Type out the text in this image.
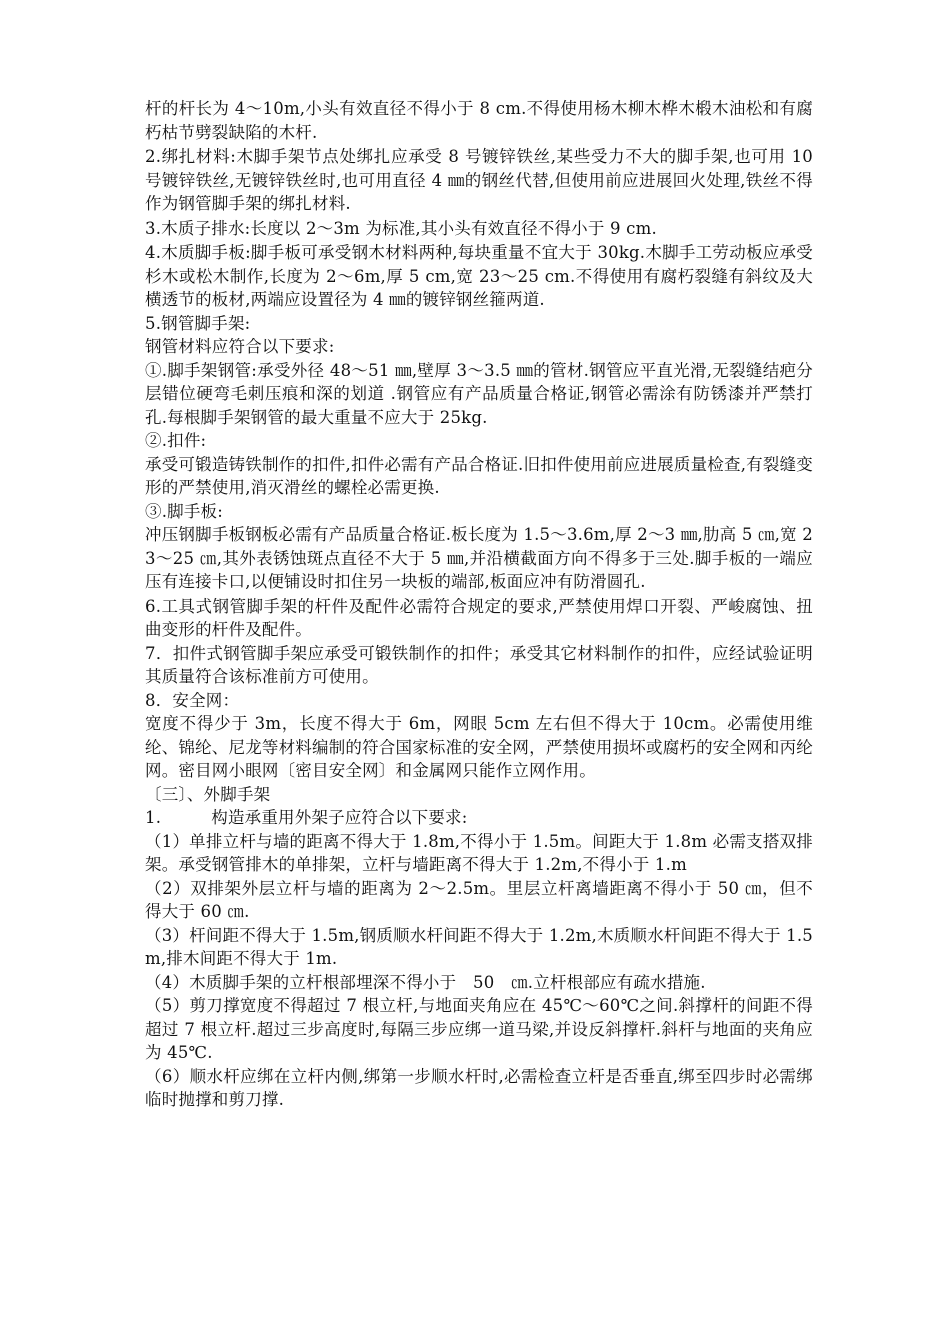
杆的杆长为 4～10m,小头有效直径不得小于 8 cm.不得使用杨木柳木桦木椴木油松和有腐朽枯节劈裂缺陷的木杆.

2.绑扎材料:木脚手架节点处绑扎应承受 8 号镀锌铁丝,某些受力不大的脚手架,也可用 10 号镀锌铁丝,无镀锌铁丝时,也可用直径 4 ㎜的钢丝代替,但使用前应进展回火处理,铁丝不得作为钢管脚手架的绑扎材料.

3.木质子排水:长度以 2～3m 为标准,其小头有效直径不得小于 9 cm.

4.木质脚手板:脚手板可承受钢木材料两种,每块重量不宜大于 30kg.木脚手工劳动板应承受杉木或松木制作,长度为 2～6m,厚 5 cm,宽 23～25 cm.不得使用有腐朽裂缝有斜纹及大横透节的板材,两端应设置径为 4 ㎜的镀锌钢丝箍两道.

5.钢管脚手架:

钢管材料应符合以下要求:

①.脚手架钢管:承受外径 48～51 ㎜,壁厚 3～3.5 ㎜的管材.钢管应平直光滑,无裂缝结疤分层错位硬弯毛刺压痕和深的划道 .钢管应有产品质量合格证,钢管必需涂有防锈漆并严禁打孔.每根脚手架钢管的最大重量不应大于 25kg.

②.扣件:

承受可锻造铸铁制作的扣件,扣件必需有产品合格证.旧扣件使用前应进展质量检查,有裂缝变形的严禁使用,消灭滑丝的螺栓必需更换.

③.脚手板:

冲压钢脚手板钢板必需有产品质量合格证.板长度为 1.5～3.6m,厚 2～3 ㎜,肋高 5 ㎝,宽 23～25 ㎝,其外表锈蚀斑点直径不大于 5 ㎜,并沿横截面方向不得多于三处.脚手板的一端应压有连接卡口,以便铺设时扣住另一块板的端部,板面应冲有防滑圆孔.

6.工具式钢管脚手架的杆件及配件必需符合规定的要求,严禁使用焊口开裂、严峻腐蚀、扭曲变形的杆件及配件。

7．扣件式钢管脚手架应承受可锻铁制作的扣件；承受其它材料制作的扣件，应经试验证明其质量符合该标准前方可使用。

8．安全网：

宽度不得少于 3m，长度不得大于 6m，网眼 5cm 左右但不得大于 10cm。必需使用维纶、锦纶、尼龙等材料编制的符合国家标准的安全网，严禁使用损坏或腐朽的安全网和丙纶网。密目网小眼网〔密目安全网〕和金属网只能作立网作用。

〔三〕、外脚手架

1.　　　构造承重用外架子应符合以下要求:

（1）单排立杆与墙的距离不得大于 1.8m,不得小于 1.5m。间距大于 1.8m 必需支搭双排架。承受钢管排木的单排架，立杆与墙距离不得大于 1.2m,不得小于 1.m

（2）双排架外层立杆与墙的距离为 2～2.5m。里层立杆离墙距离不得小于 50 ㎝，但不得大于 60 ㎝.

（3）杆间距不得大于 1.5m,钢质顺水杆间距不得大于 1.2m,木质顺水杆间距不得大于 1.5m,排木间距不得大于 1m.

（4）木质脚手架的立杆根部埋深不得小于　50　㎝.立杆根部应有疏水措施.

（5）剪刀撑宽度不得超过 7 根立杆,与地面夹角应在 45℃～60℃之间.斜撑杆的间距不得超过 7 根立杆.超过三步高度时,每隔三步应绑一道马梁,并设反斜撑杆.斜杆与地面的夹角应为 45℃.

（6）顺水杆应绑在立杆内侧,绑第一步顺水杆时,必需检查立杆是否垂直,绑至四步时必需绑临时抛撑和剪刀撑.
